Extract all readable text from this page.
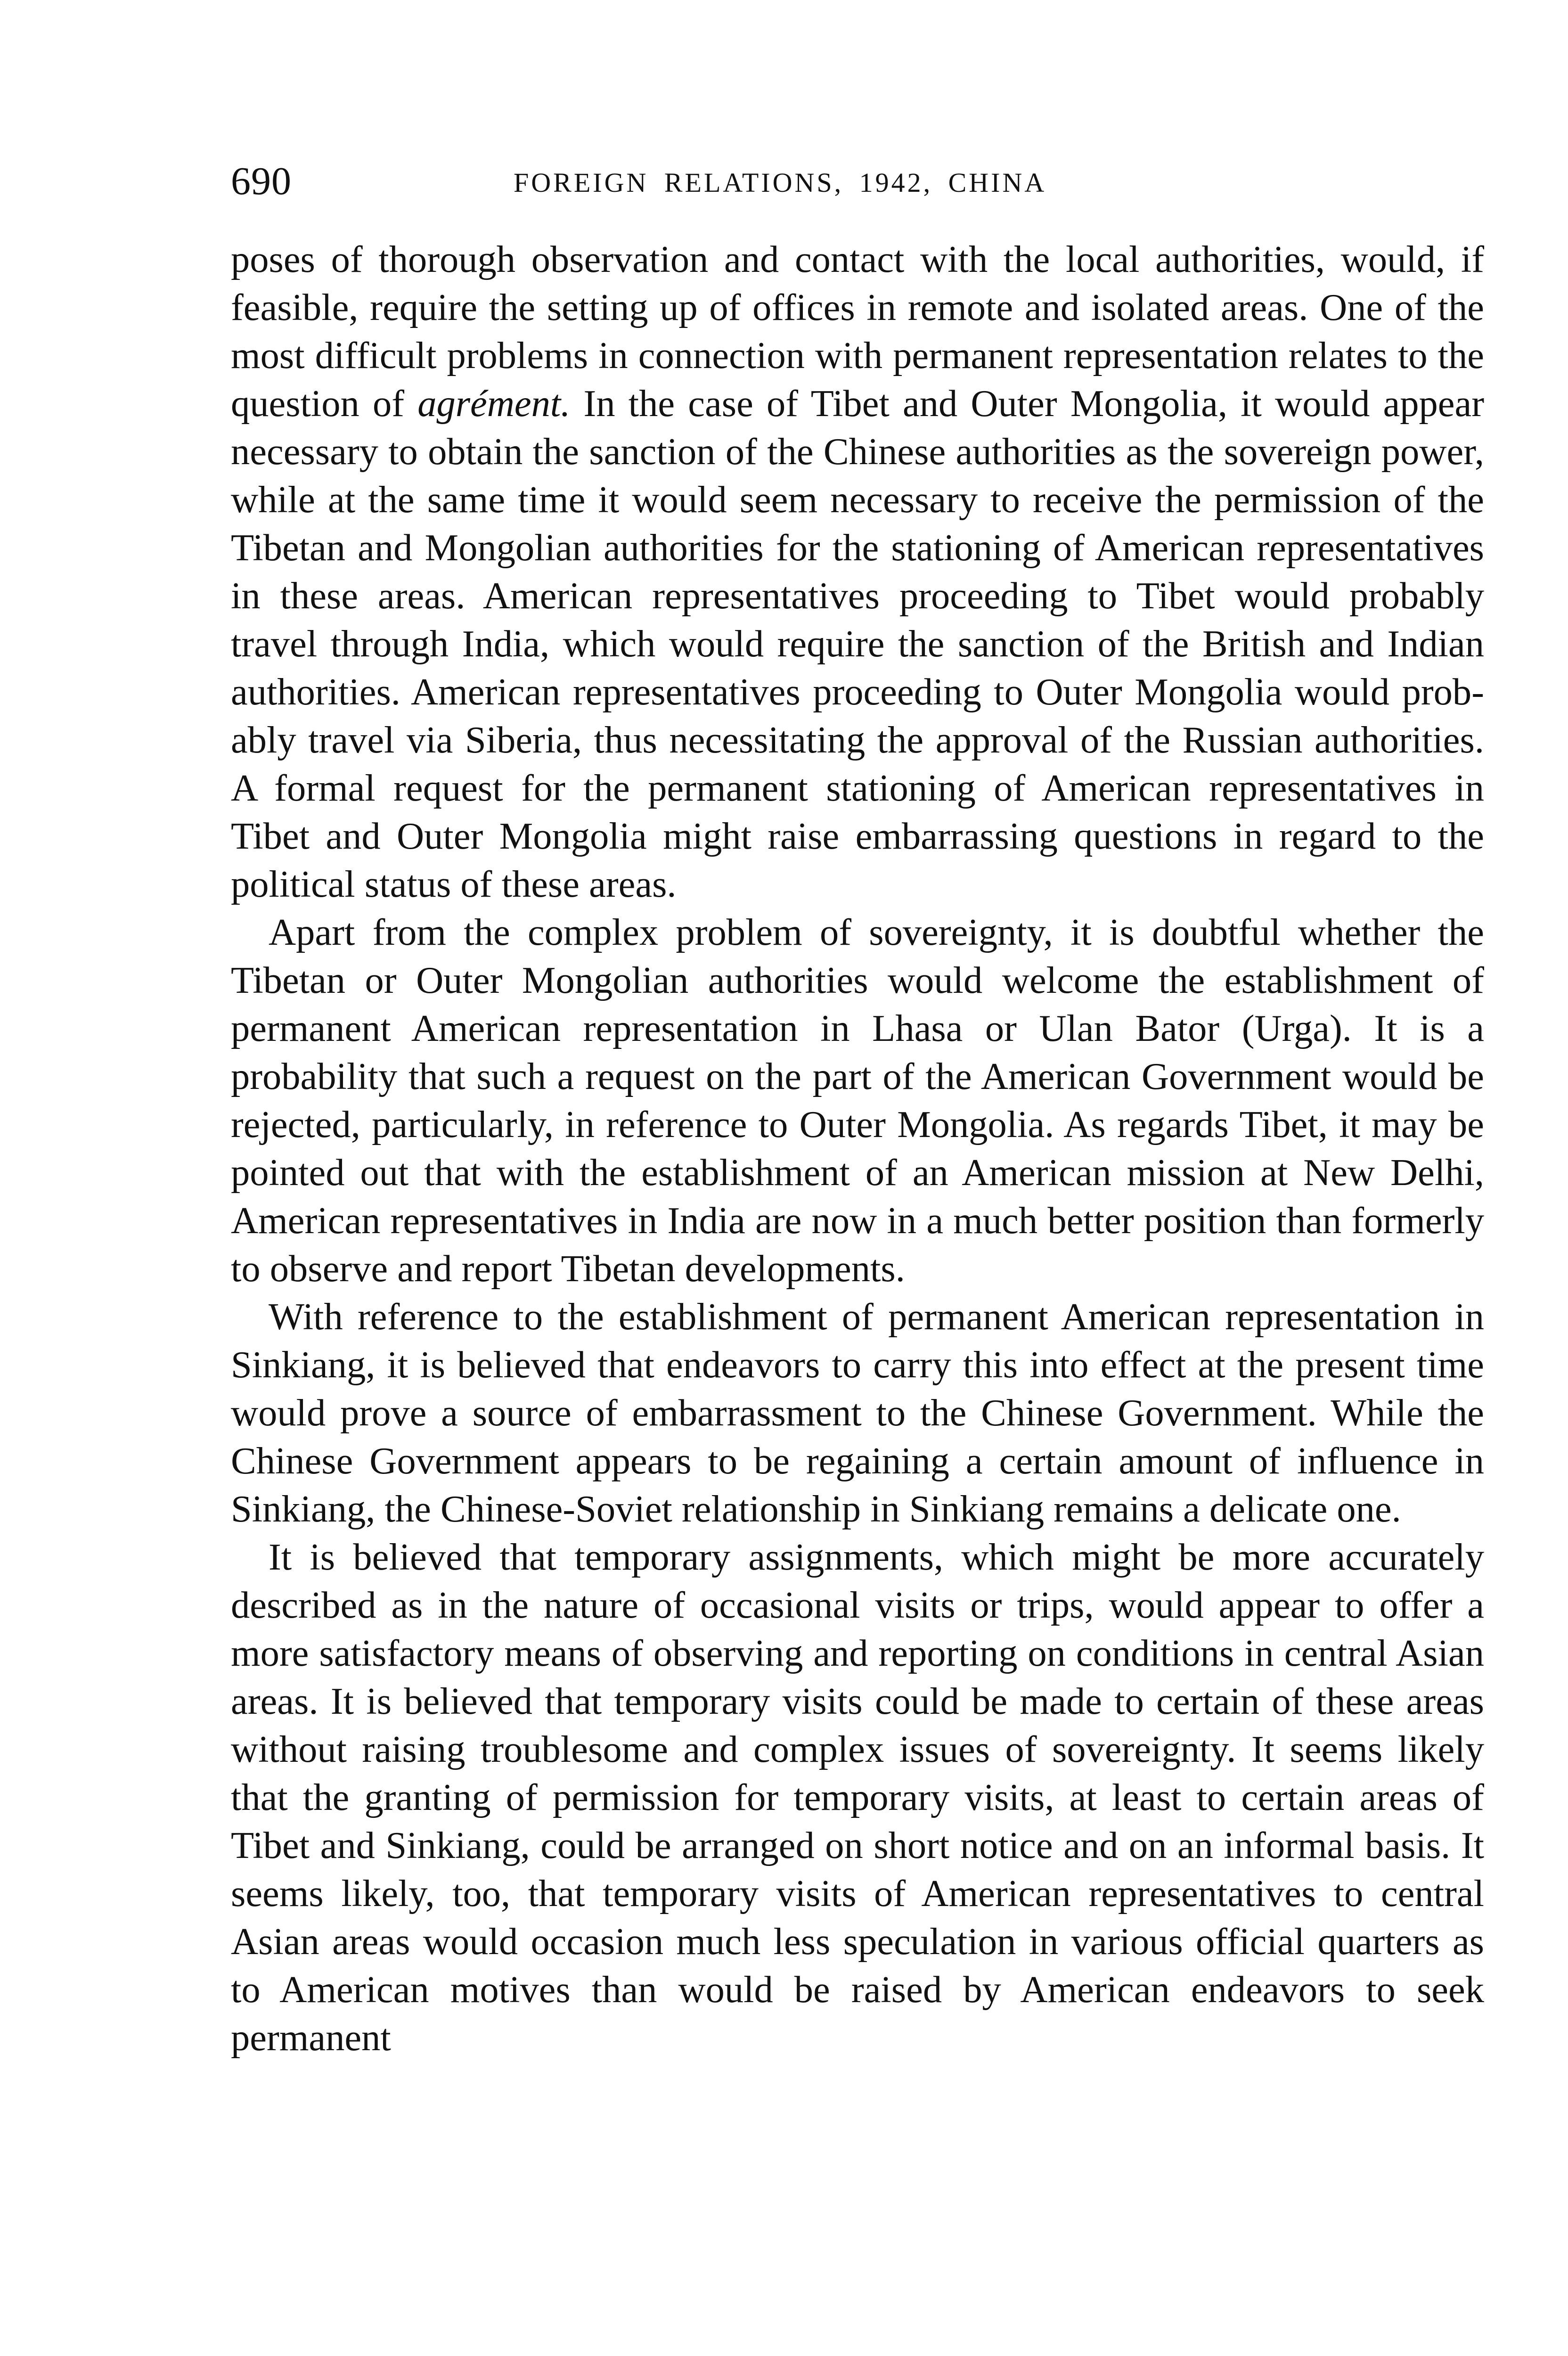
690	FOREIGN RELATIONS, 1942, CHINA

poses of thorough observation and contact with the local authorities, would, if feasible, require the setting up of offices in remote and isolated areas. One of the most difficult problems in connection with permanent representation relates to the question of agrément. In the case of Tibet and Outer Mongolia, it would appear necessary to obtain the sanction of the Chinese authorities as the sovereign power, while at the same time it would seem necessary to receive the permission of the Tibetan and Mongolian authorities for the stationing of American representatives in these areas. American representatives proceeding to Tibet would probably travel through India, which would require the sanction of the British and Indian authorities. American representatives proceeding to Outer Mongolia would probably travel via Siberia, thus necessitating the approval of the Russian authorities. A formal request for the permanent stationing of American representatives in Tibet and Outer Mongolia might raise embarrassing questions in regard to the political status of these areas.

Apart from the complex problem of sovereignty, it is doubtful whether the Tibetan or Outer Mongolian authorities would welcome the establishment of permanent American representation in Lhasa or Ulan Bator (Urga). It is a probability that such a request on the part of the American Government would be rejected, particularly, in reference to Outer Mongolia. As regards Tibet, it may be pointed out that with the establishment of an American mission at New Delhi, American representatives in India are now in a much better position than formerly to observe and report Tibetan developments.

With reference to the establishment of permanent American representation in Sinkiang, it is believed that endeavors to carry this into effect at the present time would prove a source of embarrassment to the Chinese Government. While the Chinese Government appears to be regaining a certain amount of influence in Sinkiang, the Chinese-Soviet relationship in Sinkiang remains a delicate one.

It is believed that temporary assignments, which might be more accurately described as in the nature of occasional visits or trips, would appear to offer a more satisfactory means of observing and reporting on conditions in central Asian areas. It is believed that temporary visits could be made to certain of these areas without raising troublesome and complex issues of sovereignty. It seems likely that the granting of permission for temporary visits, at least to certain areas of Tibet and Sinkiang, could be arranged on short notice and on an informal basis. It seems likely, too, that temporary visits of American representatives to central Asian areas would occasion much less speculation in various official quarters as to American motives than would be raised by American endeavors to seek permanent
